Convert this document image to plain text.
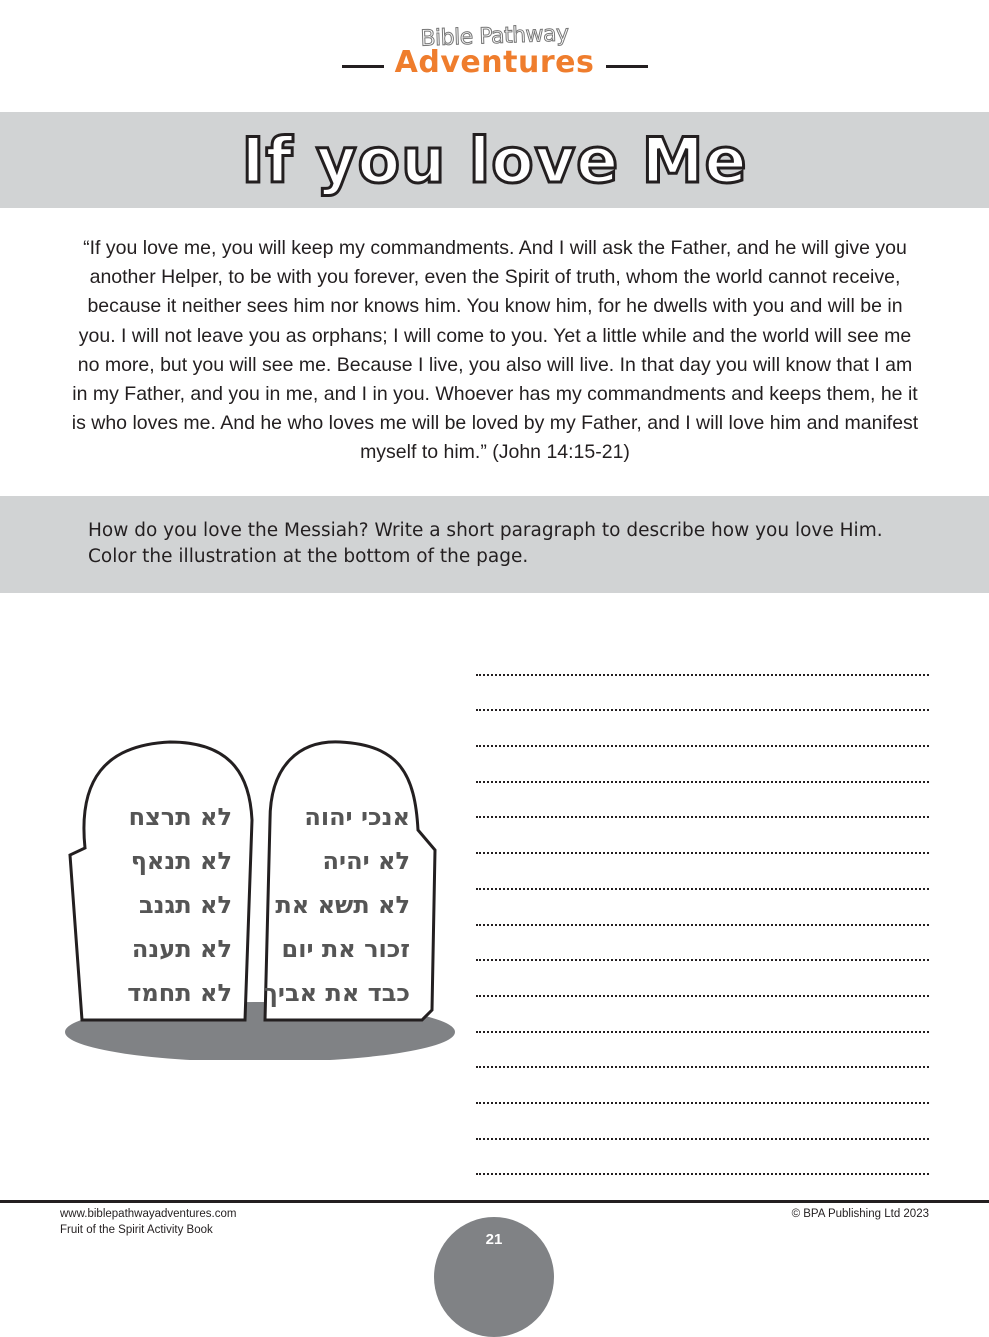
Bible Pathway
Adventures
If you love Me

“If you love me, you will keep my commandments. And I will ask the Father, and he will give you another Helper, to be with you forever, even the Spirit of truth, whom the world cannot receive, because it neither sees him nor knows him. You know him, for he dwells with you and will be in you. I will not leave you as orphans; I will come to you. Yet a little while and the world will see me no more, but you will see me. Because I live, you also will live. In that day you will know that I am in my Father, and you in me, and I in you. Whoever has my commandments and keeps them, he it is who loves me. And he who loves me will be loved by my Father, and I will love him and manifest myself to him.” (John 14:15-21)

How do you love the Messiah? Write a short paragraph to describe how you love Him. Color the illustration at the bottom of the page.

לא תרצח
לא תנאף
לא תגנב
לא תענה
לא תחמד
אנכי יהוה
לא יהיה
לא תשא את
זכור את יום
כבד את אביך
www.biblepathwayadventures.com
Fruit of the Spirit Activity Book
© BPA Publishing Ltd 2023
21
